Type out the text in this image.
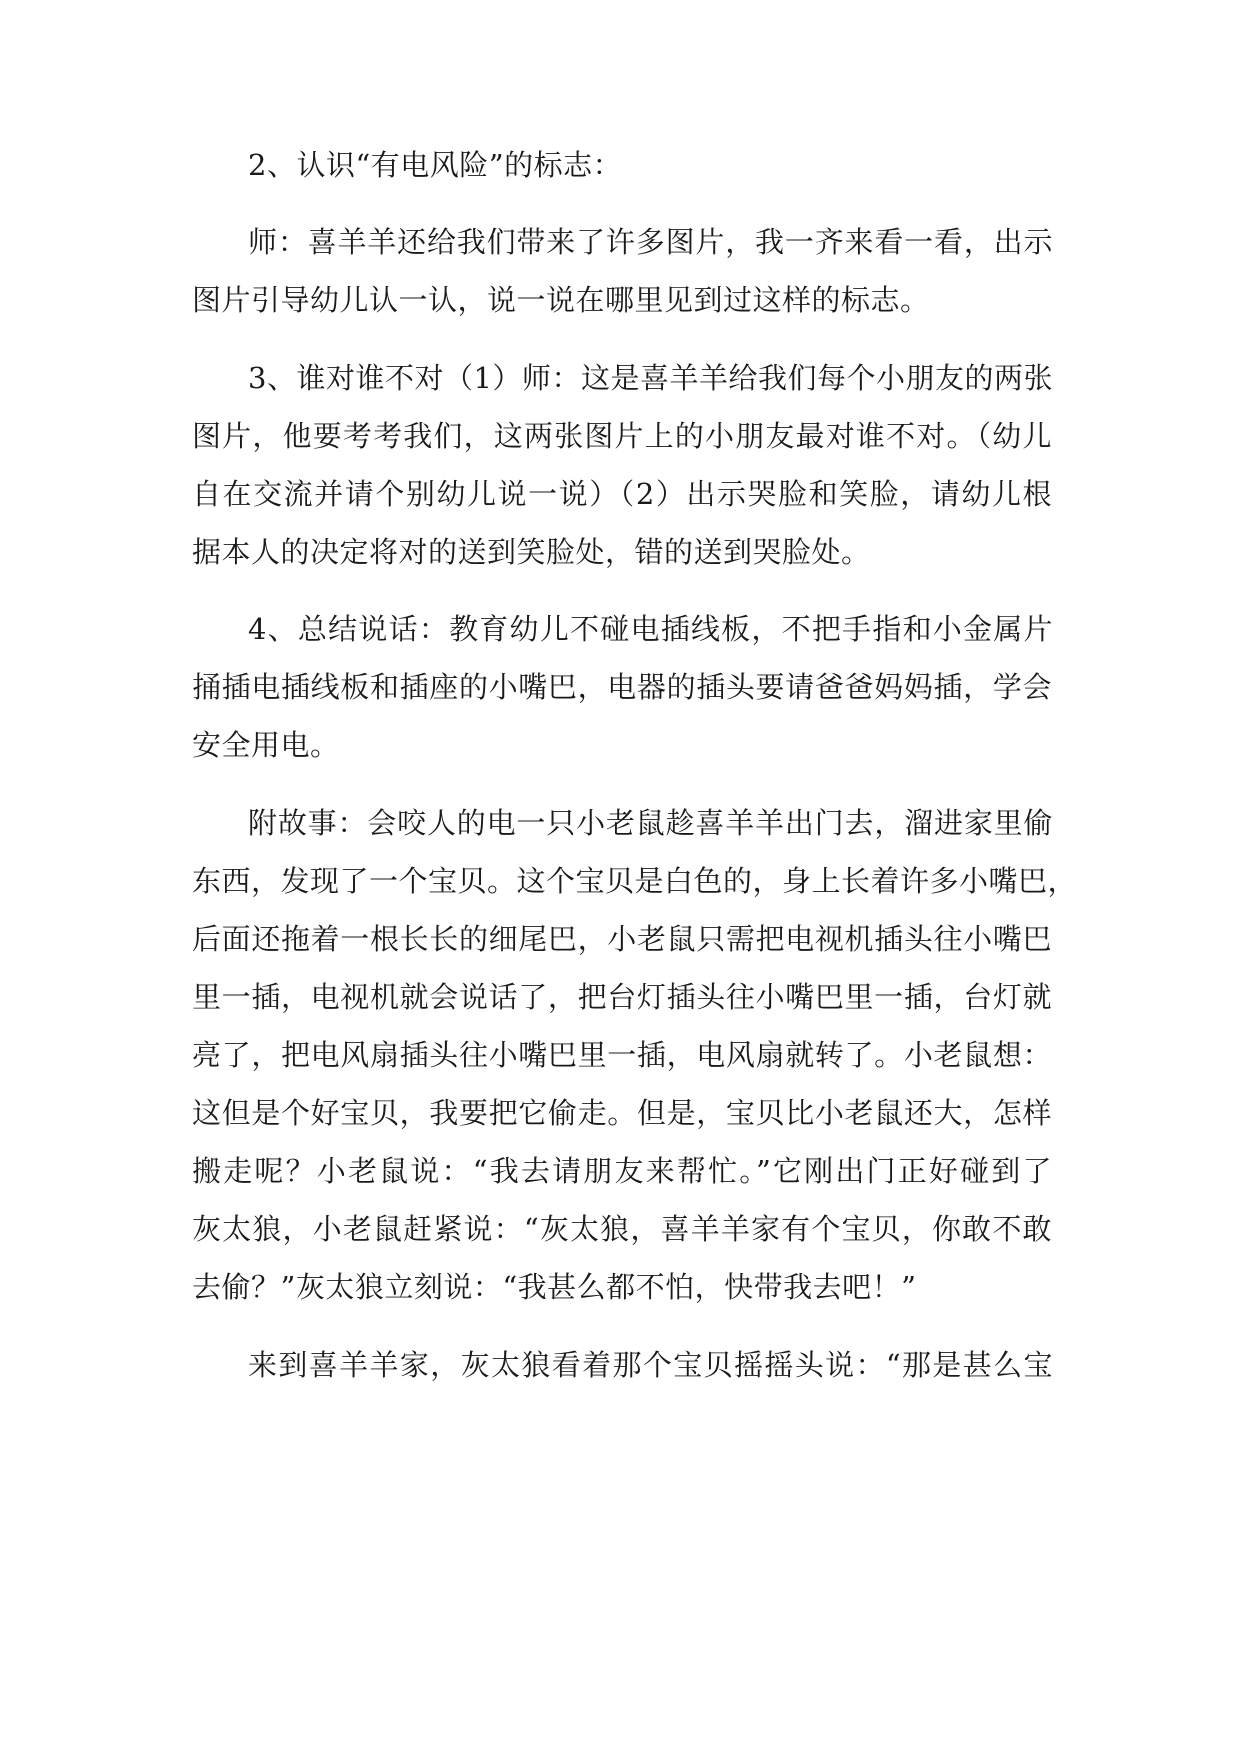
2、认识“有电风险”的标志：
师：喜羊羊还给我们带来了许多图片，我一齐来看一看，出示
图片引导幼儿认一认，说一说在哪里见到过这样的标志。
3、谁对谁不对（1）师：这是喜羊羊给我们每个小朋友的两张
图片，他要考考我们，这两张图片上的小朋友最对谁不对。（幼儿
自在交流并请个别幼儿说一说）（2）出示哭脸和笑脸，请幼儿根
据本人的决定将对的送到笑脸处，错的送到哭脸处。
4、总结说话：教育幼儿不碰电插线板，不把手指和小金属片
捅插电插线板和插座的小嘴巴，电器的插头要请爸爸妈妈插，学会
安全用电。
附故事：会咬人的电一只小老鼠趁喜羊羊出门去，溜进家里偷
东西，发现了一个宝贝。这个宝贝是白色的，身上长着许多小嘴巴，
后面还拖着一根长长的细尾巴，小老鼠只需把电视机插头往小嘴巴
里一插，电视机就会说话了，把台灯插头往小嘴巴里一插，台灯就
亮了，把电风扇插头往小嘴巴里一插，电风扇就转了。小老鼠想：
这但是个好宝贝，我要把它偷走。但是，宝贝比小老鼠还大，怎样
搬走呢？小老鼠说：“我去请朋友来帮忙。”它刚出门正好碰到了
灰太狼，小老鼠赶紧说：“灰太狼，喜羊羊家有个宝贝，你敢不敢
去偷？”灰太狼立刻说：“我甚么都不怕，快带我去吧！”
来到喜羊羊家，灰太狼看着那个宝贝摇摇头说：“那是甚么宝
